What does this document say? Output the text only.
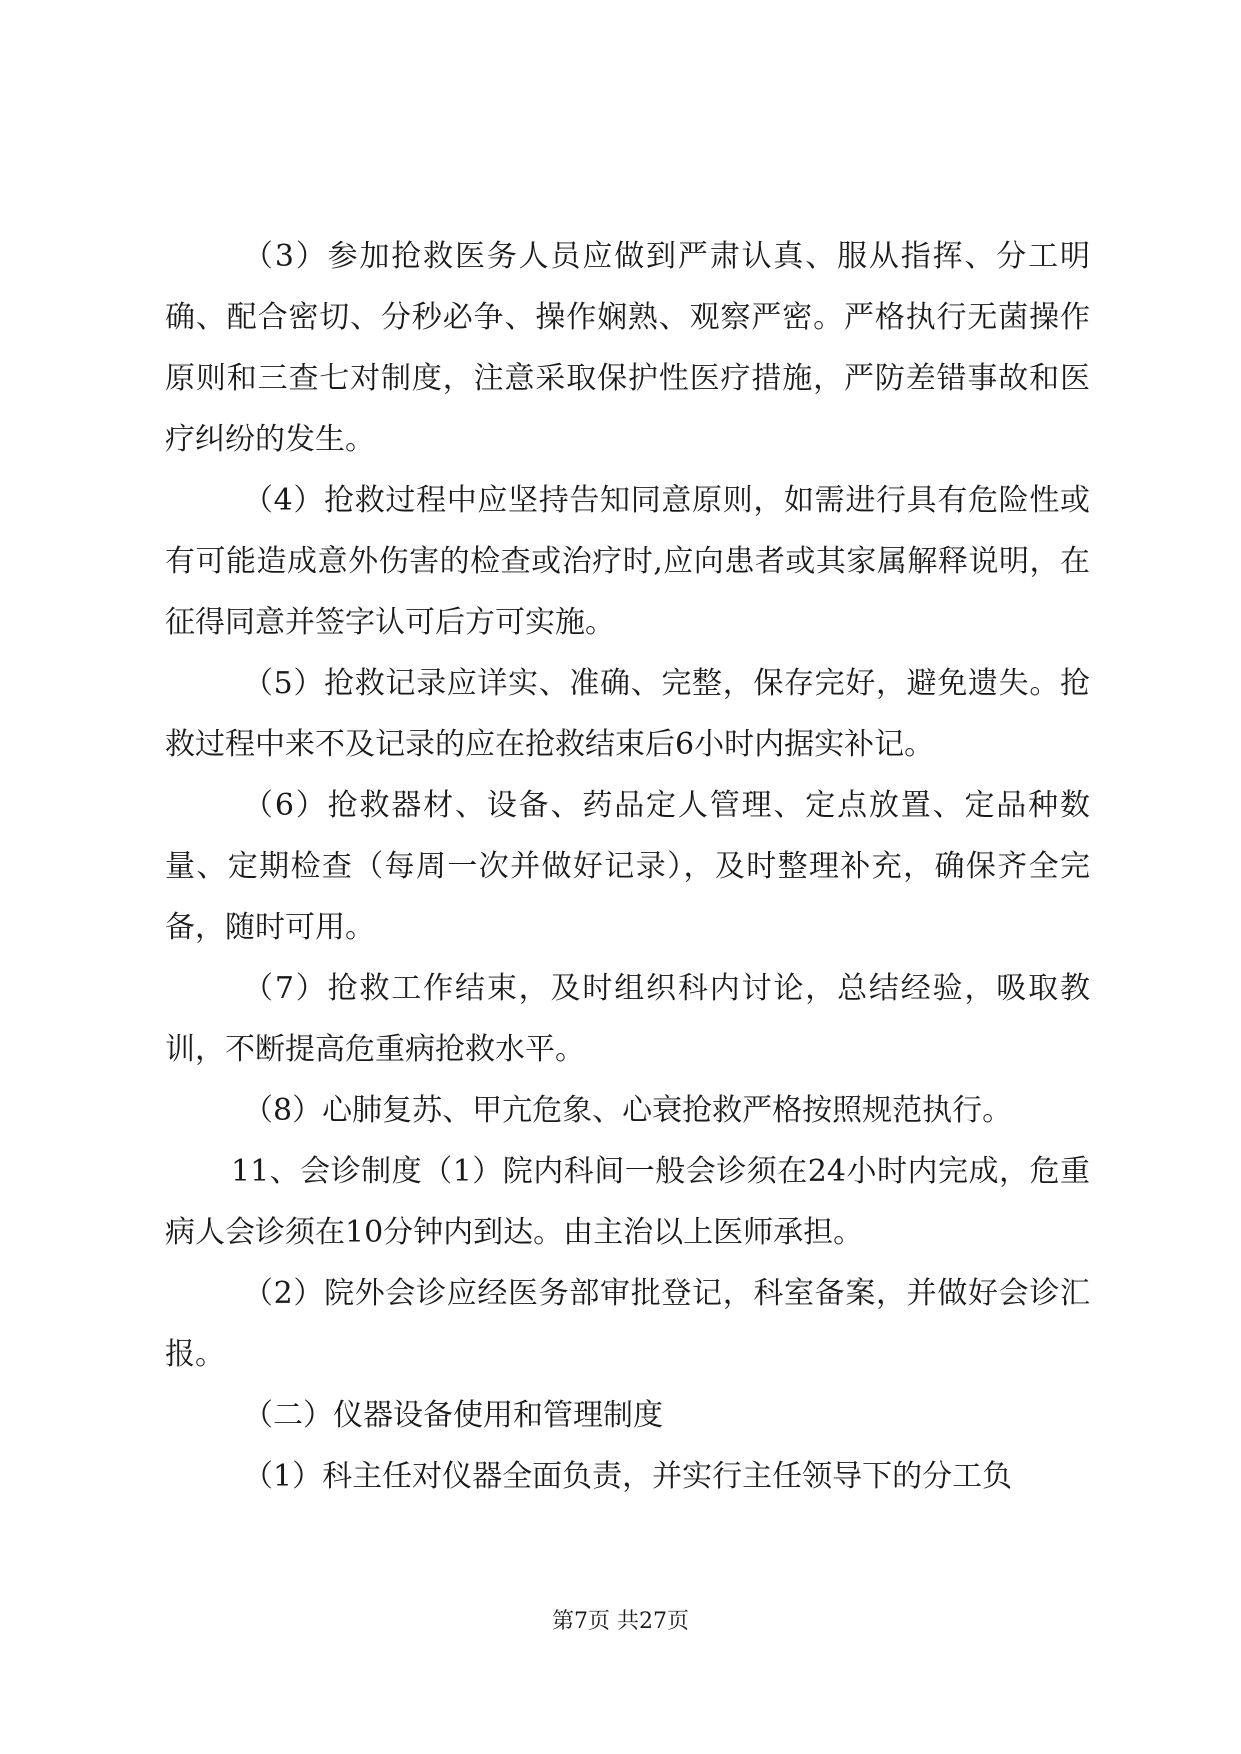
（3）参加抢救医务人员应做到严肃认真、服从指挥、分工明确、配合密切、分秒必争、操作娴熟、观察严密。严格执行无菌操作原则和三查七对制度，注意采取保护性医疗措施，严防差错事故和医疗纠纷的发生。

（4）抢救过程中应坚持告知同意原则，如需进行具有危险性或有可能造成意外伤害的检查或治疗时,应向患者或其家属解释说明，在征得同意并签字认可后方可实施。

（5）抢救记录应详实、准确、完整，保存完好，避免遗失。抢救过程中来不及记录的应在抢救结束后6小时内据实补记。

（6）抢救器材、设备、药品定人管理、定点放置、定品种数量、定期检查（每周一次并做好记录），及时整理补充，确保齐全完备，随时可用。

（7）抢救工作结束，及时组织科内讨论，总结经验，吸取教训，不断提高危重病抢救水平。

（8）心肺复苏、甲亢危象、心衰抢救严格按照规范执行。

11、会诊制度（1）院内科间一般会诊须在24小时内完成，危重病人会诊须在10分钟内到达。由主治以上医师承担。

（2）院外会诊应经医务部审批登记，科室备案，并做好会诊汇报。

（二）仪器设备使用和管理制度

（1）科主任对仪器全面负责，并实行主任领导下的分工负

第7页 共27页
